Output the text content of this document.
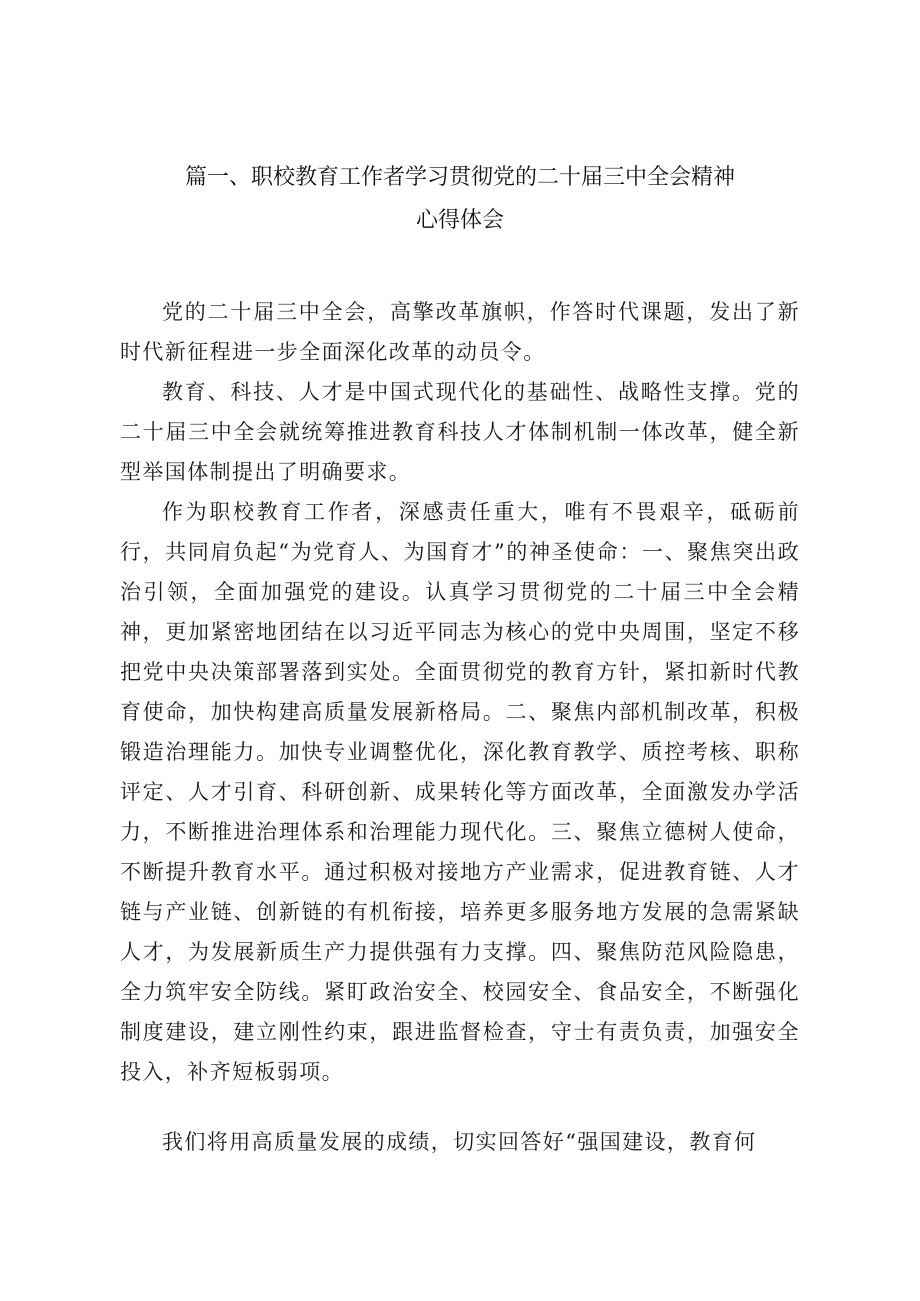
篇一、职校教育工作者学习贯彻党的二十届三中全会精神
心得体会

党的二十届三中全会，高擎改革旗帜，作答时代课题，发出了新时代新征程进一步全面深化改革的动员令。

教育、科技、人才是中国式现代化的基础性、战略性支撑。党的二十届三中全会就统筹推进教育科技人才体制机制一体改革，健全新型举国体制提出了明确要求。

作为职校教育工作者，深感责任重大，唯有不畏艰辛，砥砺前行，共同肩负起“为党育人、为国育才”的神圣使命：一、聚焦突出政治引领，全面加强党的建设。认真学习贯彻党的二十届三中全会精神，更加紧密地团结在以习近平同志为核心的党中央周围，坚定不移把党中央决策部署落到实处。全面贯彻党的教育方针，紧扣新时代教育使命，加快构建高质量发展新格局。二、聚焦内部机制改革，积极锻造治理能力。加快专业调整优化，深化教育教学、质控考核、职称评定、人才引育、科研创新、成果转化等方面改革，全面激发办学活力，不断推进治理体系和治理能力现代化。三、聚焦立德树人使命，不断提升教育水平。通过积极对接地方产业需求，促进教育链、人才链与产业链、创新链的有机衔接，培养更多服务地方发展的急需紧缺人才，为发展新质生产力提供强有力支撑。四、聚焦防范风险隐患，全力筑牢安全防线。紧盯政治安全、校园安全、食品安全，不断强化制度建设，建立刚性约束，跟进监督检查，守士有责负责，加强安全投入，补齐短板弱项。

我们将用高质量发展的成绩，切实回答好“强国建设，教育何
